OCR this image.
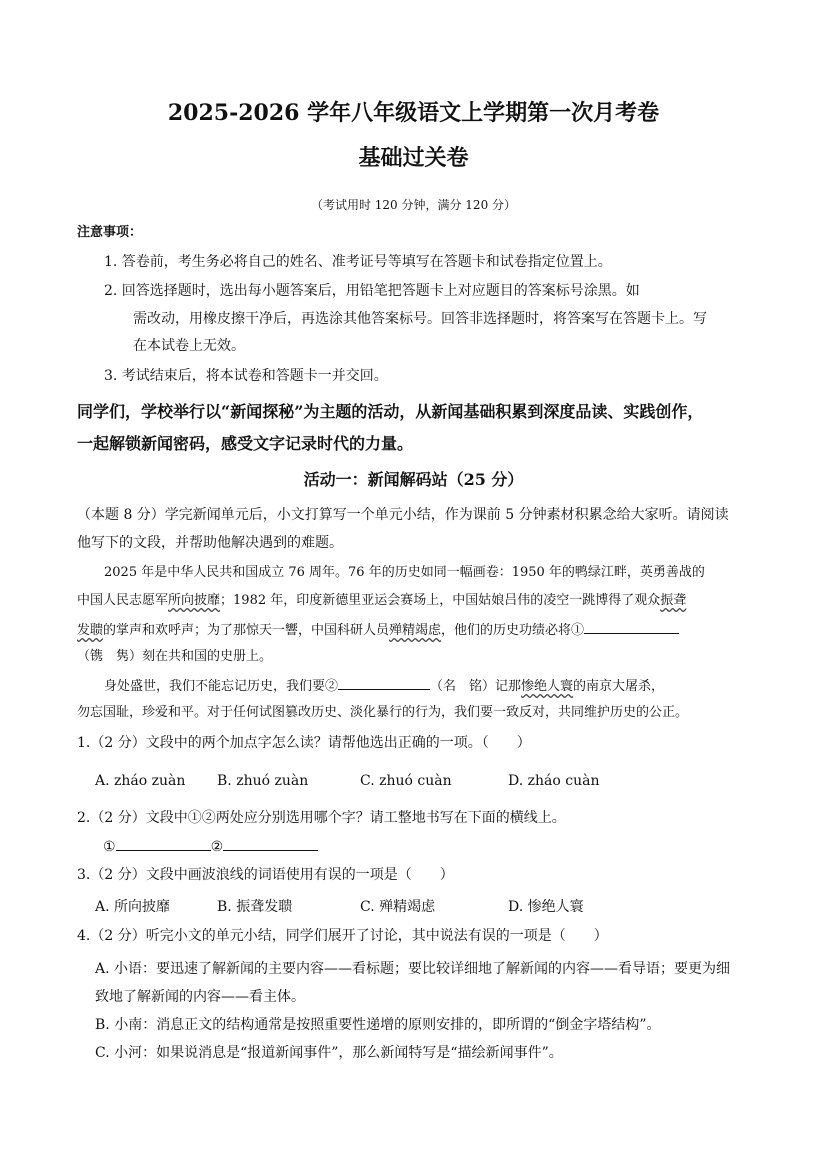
2025-2026 学年八年级语文上学期第一次月考卷
基础过关卷
（考试用时 120 分钟，满分 120 分）
注意事项：
1. 答卷前，考生务必将自己的姓名、准考证号等填写在答题卡和试卷指定位置上。
2. 回答选择题时，选出每小题答案后，用铅笔把答题卡上对应题目的答案标号涂黑。如
需改动，用橡皮擦干净后，再选涂其他答案标号。回答非选择题时，将答案写在答题卡上。写
在本试卷上无效。
3. 考试结束后，将本试卷和答题卡一并交回。
同学们，学校举行以“新闻探秘”为主题的活动，从新闻基础积累到深度品读、实践创作，
一起解锁新闻密码，感受文字记录时代的力量。
活动一：新闻解码站（25 分）
（本题 8 分）学完新闻单元后，小文打算写一个单元小结，作为课前 5 分钟素材积累念给大家听。请阅读
他写下的文段，并帮助他解决遇到的难题。
2025 年是中华人民共和国成立 76 周年。76 年的历史如同一幅画卷：1950 年的鸭绿江畔，英勇善战的
中国人民志愿军所向披靡；1982 年，印度新德里亚运会赛场上，中国姑娘吕伟的凌空一跳博得了观众振聋
发聩的掌声和欢呼声；为了那惊天一響，中国科研人员殚精竭虑，他们的历史功绩必将①
（镌　隽）刻在共和国的史册上。
身处盛世，我们不能忘记历史，我们要②	（名　铭）记那惨绝人寰的南京大屠杀，
勿忘国耻，珍爱和平。对于任何试图篡改历史、淡化暴行的行为，我们要一致反对，共同维护历史的公正。
1.（2 分）文段中的两个加点字怎么读？请帮他选出正确的一项。（　　）
A. zháo zuàn B. zhuó zuàn	C. zhuó cuàn	D. zháo cuàn
2.（2 分）文段中①②两处应分别选用哪个字？请工整地书写在下面的横线上。
①	②
3.（2 分）文段中画波浪线的词语使用有误的一项是（　　）
A. 所向披靡	B. 振聋发聩	C. 殚精竭虑	D. 惨绝人寰
4.（2 分）听完小文的单元小结，同学们展开了讨论，其中说法有误的一项是（　　）
A. 小语：要迅速了解新闻的主要内容——看标题；要比较详细地了解新闻的内容——看导语；要更为细
致地了解新闻的内容——看主体。
B. 小南：消息正文的结构通常是按照重要性递增的原则安排的，即所谓的“倒金字塔结构”。
C. 小河：如果说消息是“报道新闻事件”，那么新闻特写是“描绘新闻事件”。
